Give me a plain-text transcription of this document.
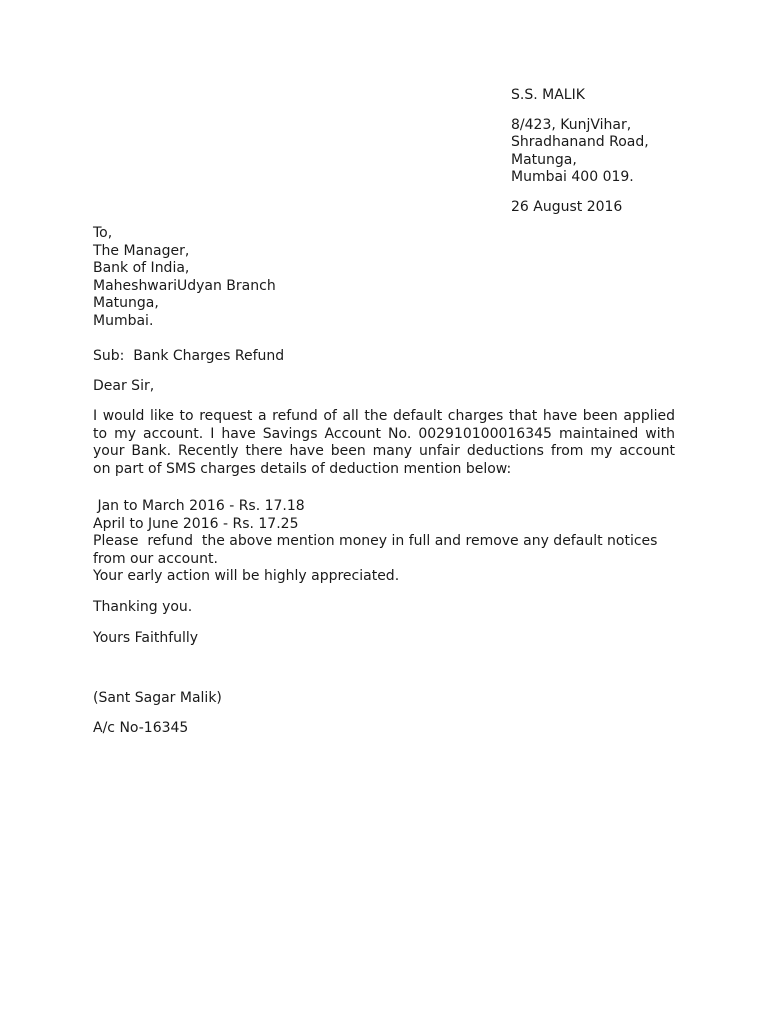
S.S. MALIK
8/423, KunjVihar,
Shradhanand Road,
Matunga,
Mumbai 400 019.
26 August 2016
To,
The Manager,
Bank of India,
MaheshwariUdyan Branch
Matunga,
Mumbai.
Sub:  Bank Charges Refund
Dear Sir,
I would like to request a refund of all the default charges that have been applied
to my account. I have Savings Account No. 002910100016345 maintained with
your Bank. Recently there have been many unfair deductions from my account
on part of SMS charges details of deduction mention below:
Jan to March 2016 - Rs. 17.18
April to June 2016 - Rs. 17.25
Please  refund  the above mention money in full and remove any default notices
from our account.
Your early action will be highly appreciated.
Thanking you.
Yours Faithfully
(Sant Sagar Malik)
A/c No-16345
